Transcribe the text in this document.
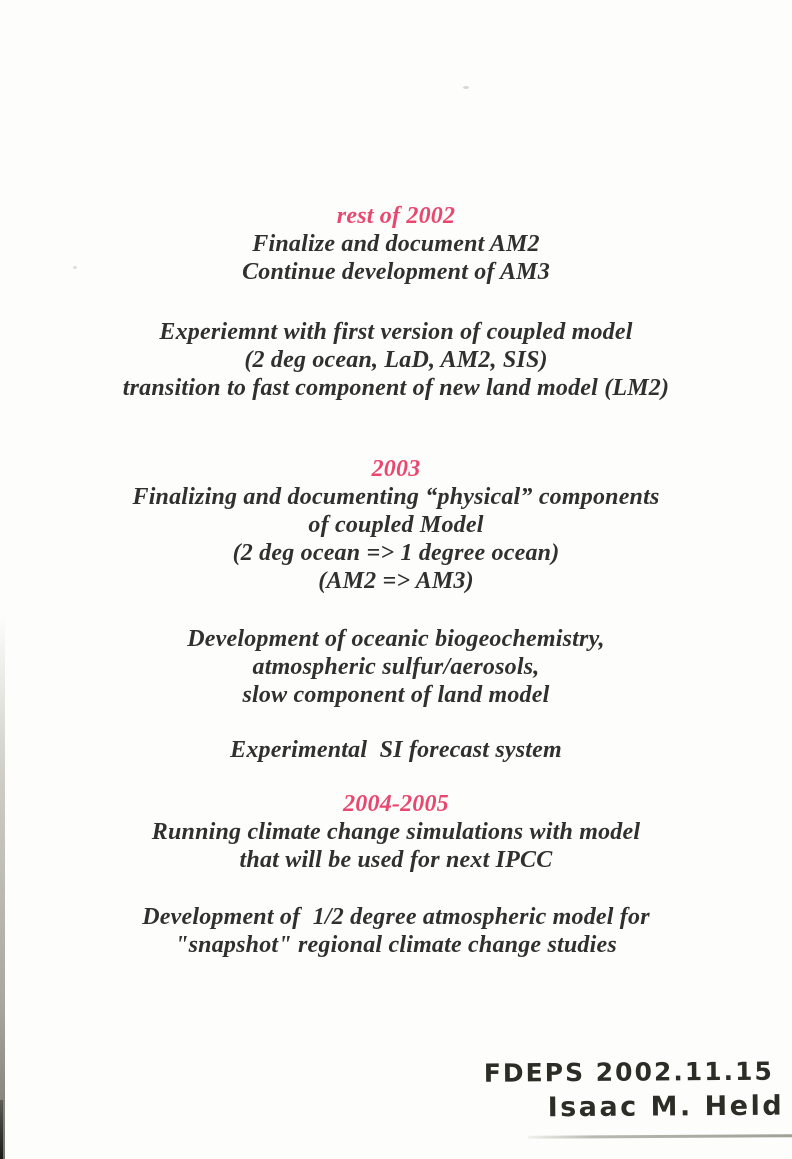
rest of 2002

Finalize and document AM2

Continue development of AM3

Experiemnt with first version of coupled model

(2 deg ocean, LaD, AM2, SIS)

transition to fast component of new land model (LM2)

2003

Finalizing and documenting “physical” components

of coupled Model

(2 deg ocean => 1 degree ocean)

(AM2 => AM3)

Development of oceanic biogeochemistry,

atmospheric sulfur/aerosols,

slow component of land model

Experimental  SI forecast system

2004-2005

Running climate change simulations with model

that will be used for next IPCC

Development of  1/2 degree atmospheric model for

"snapshot" regional climate change studies

FDEPS 2002.11.15
Isaac M. Held
